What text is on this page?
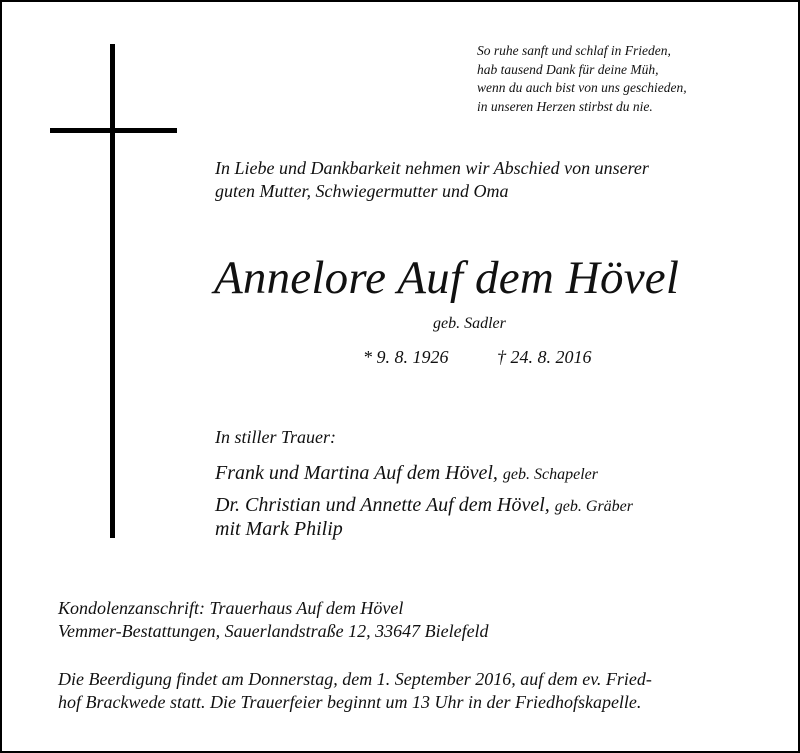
So ruhe sanft und schlaf in Frieden,
hab tausend Dank für deine Müh,
wenn du auch bist von uns geschieden,
in unseren Herzen stirbst du nie.
In Liebe und Dankbarkeit nehmen wir Abschied von unserer
guten Mutter, Schwiegermutter und Oma
Annelore Auf dem Hövel
geb. Sadler
* 9. 8. 1926	† 24. 8. 2016
In stiller Trauer:
Frank und Martina Auf dem Hövel, geb. Schapeler
Dr. Christian und Annette Auf dem Hövel, geb. Gräber
mit Mark Philip
Kondolenzanschrift: Trauerhaus Auf dem Hövel
Vemmer-Bestattungen, Sauerlandstraße 12, 33647 Bielefeld
Die Beerdigung findet am Donnerstag, dem 1. September 2016, auf dem ev. Fried-
hof Brackwede statt. Die Trauerfeier beginnt um 13 Uhr in der Friedhofskapelle.
